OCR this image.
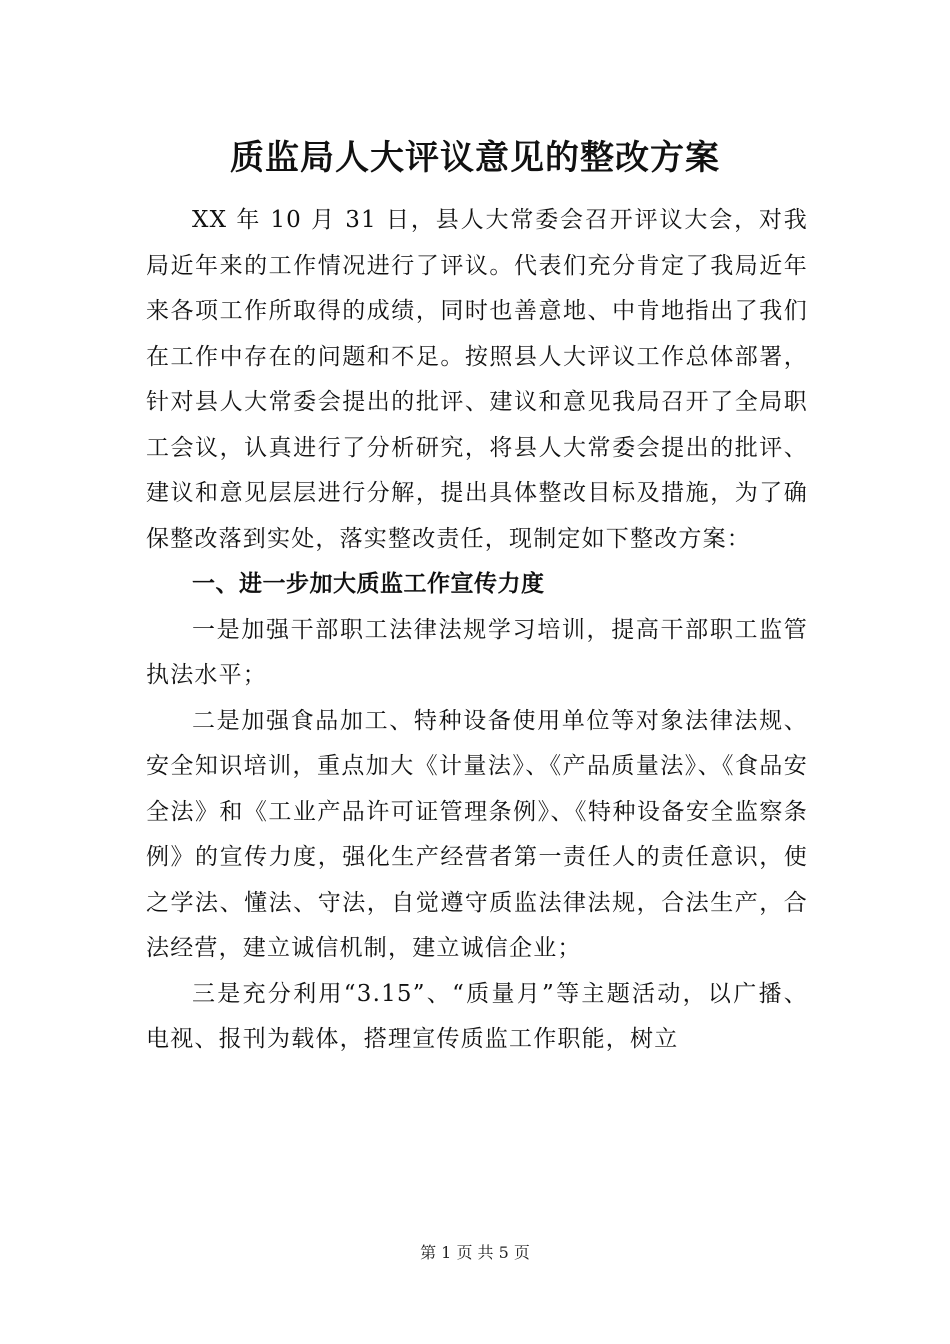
质监局人大评议意见的整改方案

XX 年 10 月 31 日，县人大常委会召开评议大会，对我局近年来的工作情况进行了评议。代表们充分肯定了我局近年来各项工作所取得的成绩，同时也善意地、中肯地指出了我们在工作中存在的问题和不足。按照县人大评议工作总体部署，针对县人大常委会提出的批评、建议和意见我局召开了全局职工会议，认真进行了分析研究，将县人大常委会提出的批评、建议和意见层层进行分解，提出具体整改目标及措施，为了确保整改落到实处，落实整改责任，现制定如下整改方案：

一、进一步加大质监工作宣传力度

一是加强干部职工法律法规学习培训，提高干部职工监管执法水平；

二是加强食品加工、特种设备使用单位等对象法律法规、安全知识培训，重点加大《计量法》、《产品质量法》、《食品安全法》和《工业产品许可证管理条例》、《特种设备安全监察条例》的宣传力度，强化生产经营者第一责任人的责任意识，使之学法、懂法、守法，自觉遵守质监法律法规，合法生产，合法经营，建立诚信机制，建立诚信企业；

三是充分利用“3.15”、“质量月”等主题活动，以广播、电视、报刊为载体，搭理宣传质监工作职能，树立

第 1 页 共 5 页
